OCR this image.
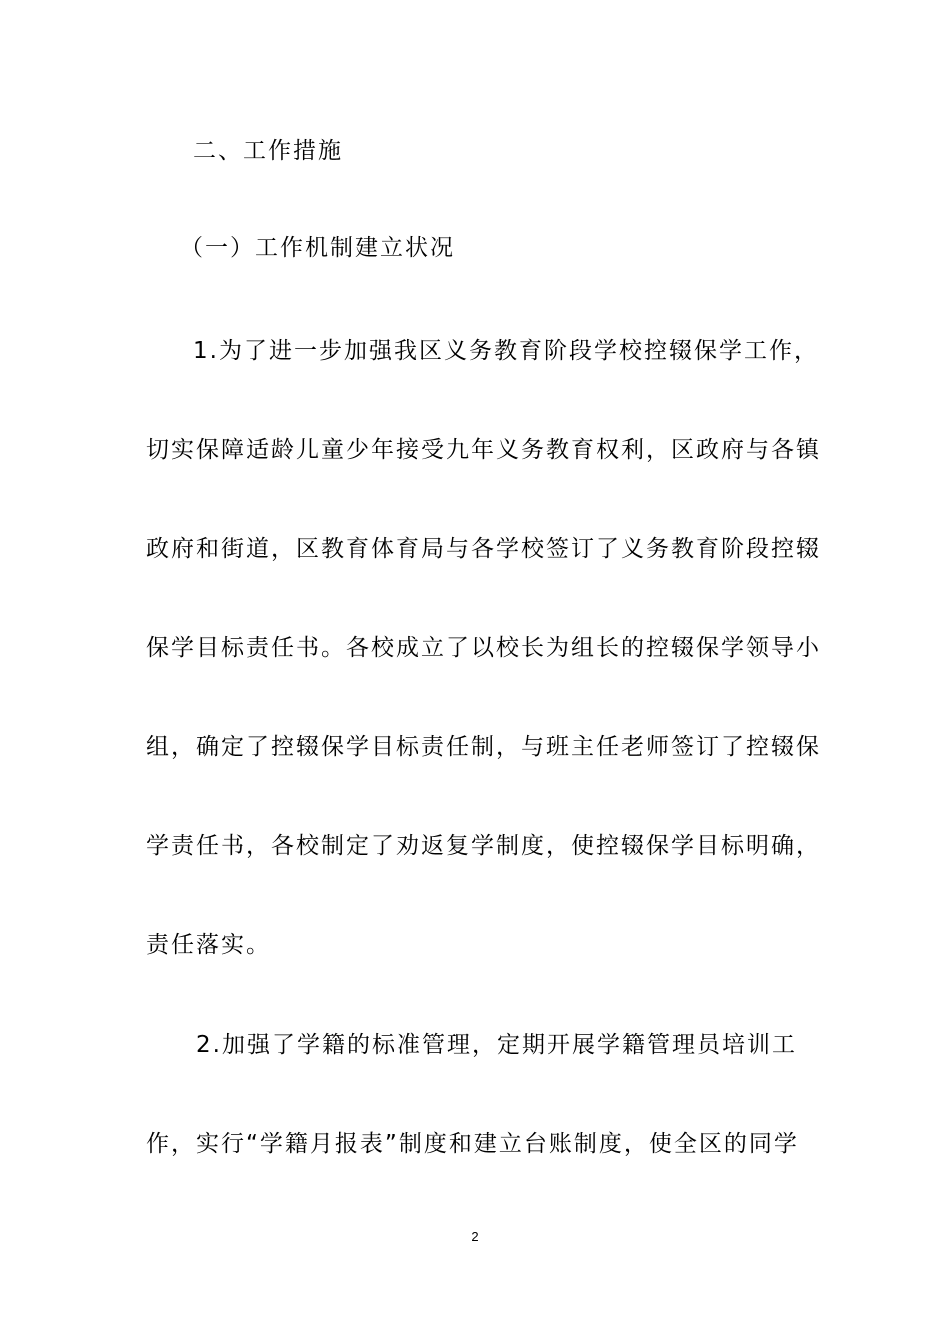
二、工作措施
（一）工作机制建立状况
1.为了进一步加强我区义务教育阶段学校控辍保学工作，
切实保障适龄儿童少年接受九年义务教育权利，区政府与各镇
政府和街道，区教育体育局与各学校签订了义务教育阶段控辍
保学目标责任书。各校成立了以校长为组长的控辍保学领导小
组，确定了控辍保学目标责任制，与班主任老师签订了控辍保
学责任书，各校制定了劝返复学制度，使控辍保学目标明确，
责任落实。
2.加强了学籍的标准管理，定期开展学籍管理员培训工
作，实行“学籍月报表”制度和建立台账制度，使全区的同学
2
